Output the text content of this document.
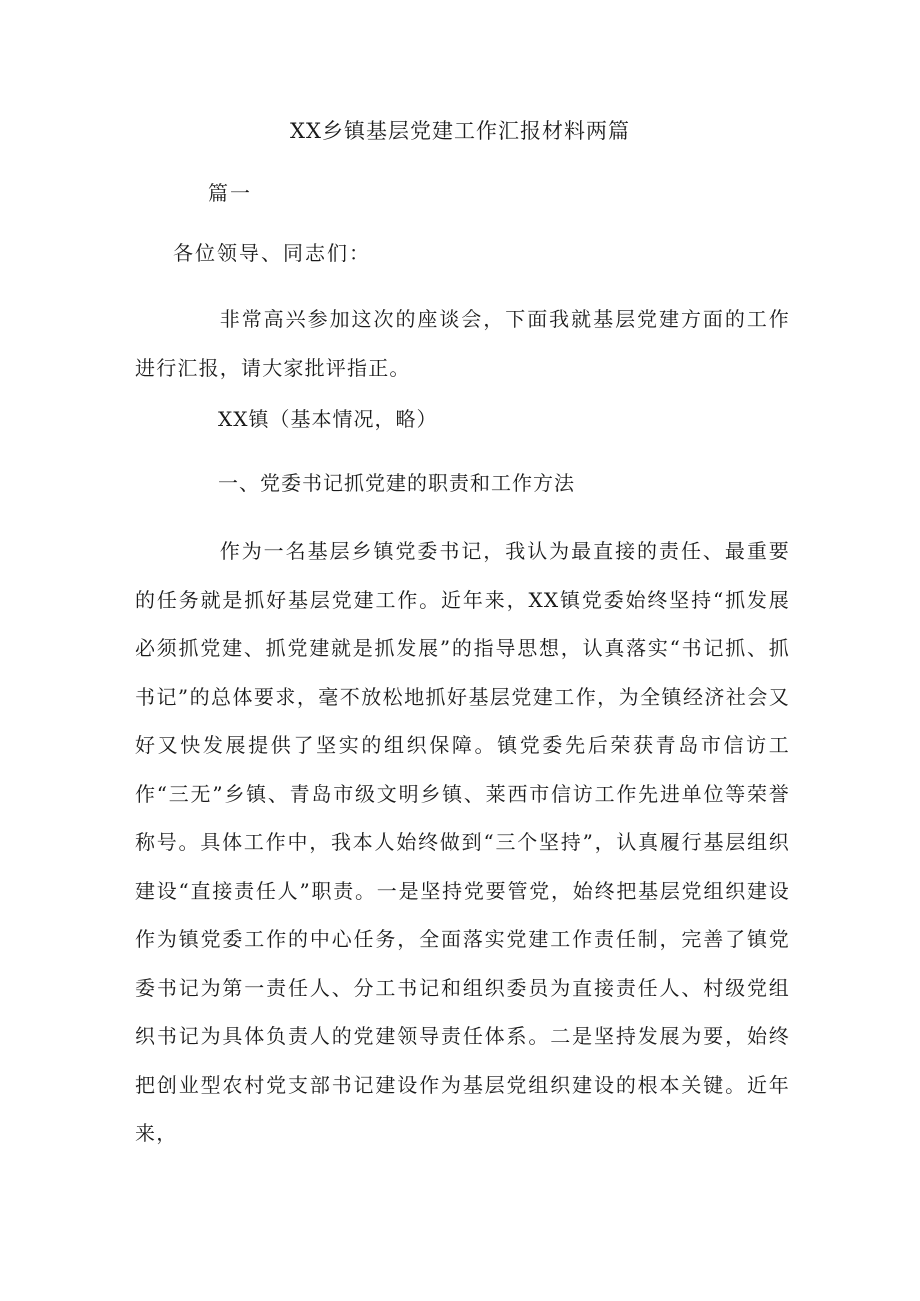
XX乡镇基层党建工作汇报材料两篇
篇一
各位领导、同志们：
非常高兴参加这次的座谈会，下面我就基层党建方面的工作进行汇报，请大家批评指正。
XX镇（基本情况，略）
一、党委书记抓党建的职责和工作方法
作为一名基层乡镇党委书记，我认为最直接的责任、最重要的任务就是抓好基层党建工作。近年来，XX镇党委始终坚持“抓发展必须抓党建、抓党建就是抓发展”的指导思想，认真落实“书记抓、抓书记”的总体要求，毫不放松地抓好基层党建工作，为全镇经济社会又好又快发展提供了坚实的组织保障。镇党委先后荣获青岛市信访工作“三无”乡镇、青岛市级文明乡镇、莱西市信访工作先进单位等荣誉称号。具体工作中，我本人始终做到“三个坚持”，认真履行基层组织建设“直接责任人”职责。一是坚持党要管党，始终把基层党组织建设作为镇党委工作的中心任务，全面落实党建工作责任制，完善了镇党委书记为第一责任人、分工书记和组织委员为直接责任人、村级党组织书记为具体负责人的党建领导责任体系。二是坚持发展为要，始终把创业型农村党支部书记建设作为基层党组织建设的根本关键。近年来，
